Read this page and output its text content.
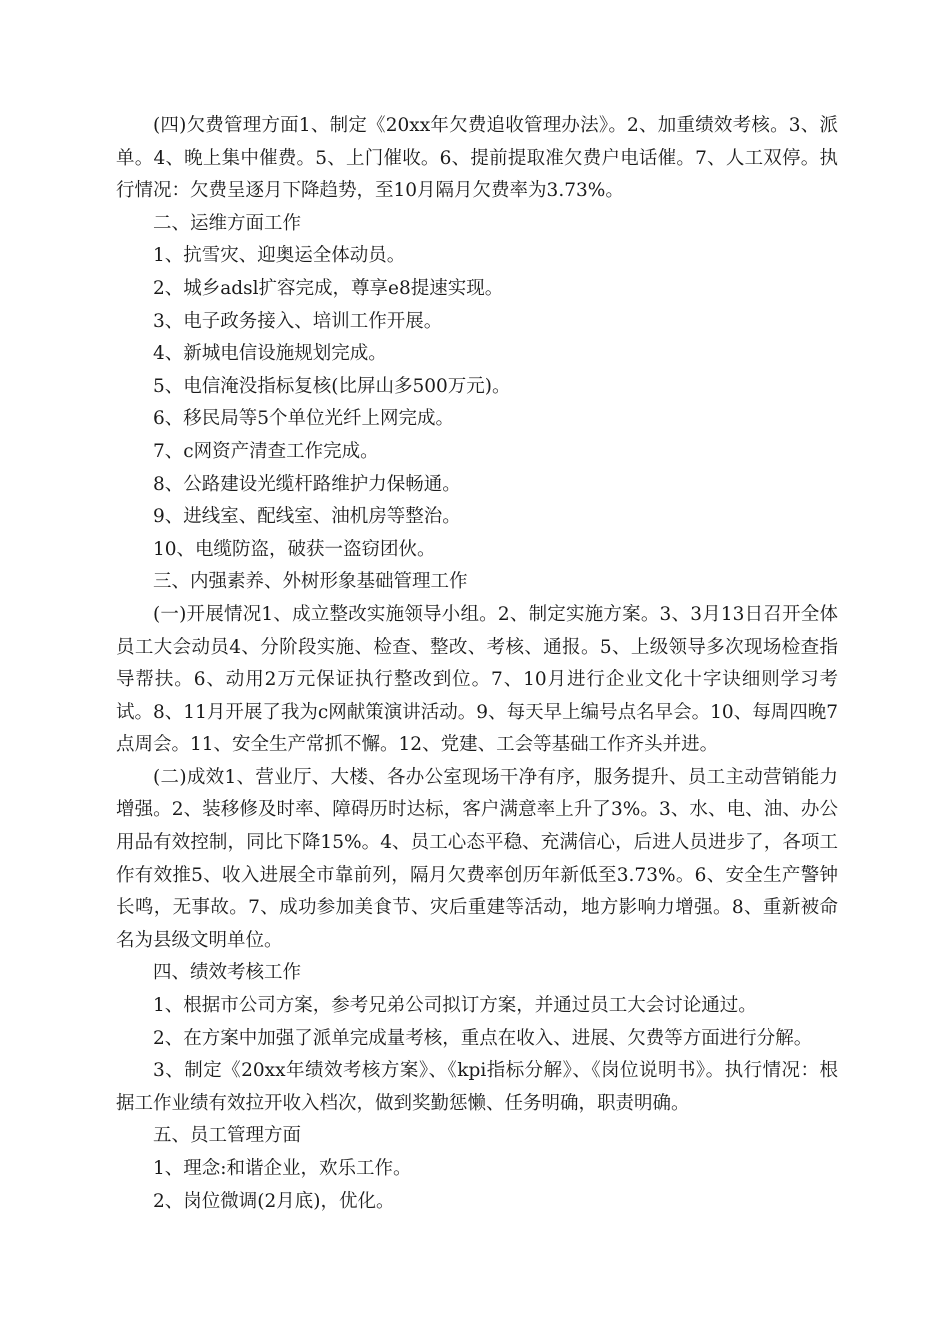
(四)欠费管理方面1、制定《20xx年欠费追收管理办法》。2、加重绩效考核。3、派单。4、晚上集中催费。5、上门催收。6、提前提取准欠费户电话催。7、人工双停。执行情况：欠费呈逐月下降趋势，至10月隔月欠费率为3.73%。

二、运维方面工作

1、抗雪灾、迎奥运全体动员。

2、城乡adsl扩容完成，尊享e8提速实现。

3、电子政务接入、培训工作开展。

4、新城电信设施规划完成。

5、电信淹没指标复核(比屏山多500万元)。

6、移民局等5个单位光纤上网完成。

7、c网资产清查工作完成。

8、公路建设光缆杆路维护力保畅通。

9、进线室、配线室、油机房等整治。

10、电缆防盗，破获一盗窃团伙。

三、内强素养、外树形象基础管理工作

(一)开展情况1、成立整改实施领导小组。2、制定实施方案。3、3月13日召开全体员工大会动员4、分阶段实施、检查、整改、考核、通报。5、上级领导多次现场检查指导帮扶。6、动用2万元保证执行整改到位。7、10月进行企业文化十字诀细则学习考试。8、11月开展了我为c网献策演讲活动。9、每天早上编号点名早会。10、每周四晚7点周会。11、安全生产常抓不懈。12、党建、工会等基础工作齐头并进。

(二)成效1、营业厅、大楼、各办公室现场干净有序，服务提升、员工主动营销能力增强。2、装移修及时率、障碍历时达标，客户满意率上升了3%。3、水、电、油、办公用品有效控制，同比下降15%。4、员工心态平稳、充满信心，后进人员进步了，各项工作有效推5、收入进展全市靠前列，隔月欠费率创历年新低至3.73%。6、安全生产警钟长鸣，无事故。7、成功参加美食节、灾后重建等活动，地方影响力增强。8、重新被命名为县级文明单位。

四、绩效考核工作

1、根据市公司方案，参考兄弟公司拟订方案，并通过员工大会讨论通过。

2、在方案中加强了派单完成量考核，重点在收入、进展、欠费等方面进行分解。

3、制定《20xx年绩效考核方案》、《kpi指标分解》、《岗位说明书》。执行情况：根据工作业绩有效拉开收入档次，做到奖勤惩懒、任务明确，职责明确。

五、员工管理方面

1、理念:和谐企业，欢乐工作。

2、岗位微调(2月底)，优化。
